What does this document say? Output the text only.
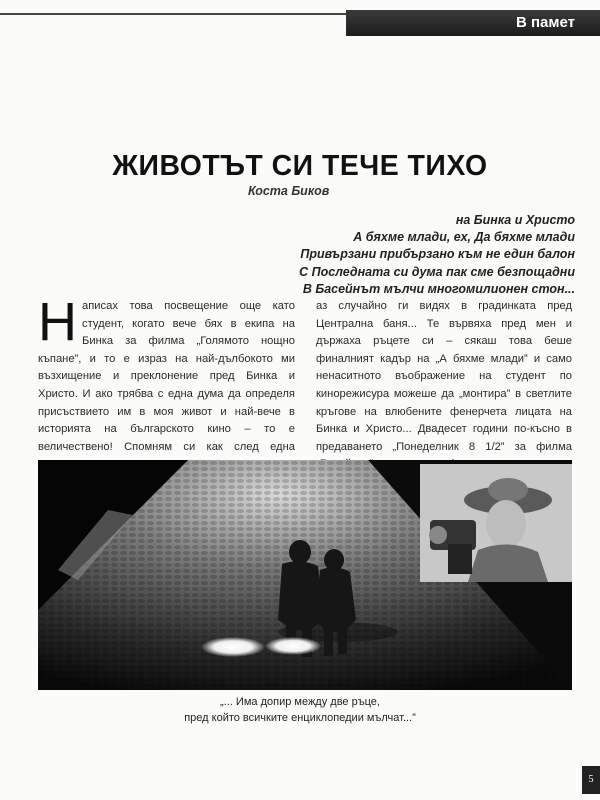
В памет
ЖИВОТЪТ СИ ТЕЧЕ ТИХО
Коста Биков
на Бинка и Христо
А бяхме млади, ех, Да бяхме млади
Привързани прибързано към не един балон
С Последната си дума пак сме безпощадни
В Басейнът мълчи многомилионен стон...
Написах това посвещение още като студент, когато вече бях в екипа на Бинка за филма „Голямото нощно къпане”, и то е израз на най-дълбокото ми възхищение и преклонение пред Бинка и Христо. И ако трябва с една дума да определя присъствието им в моя живот и най-вече в историята на българското кино – то е величествено! Спомням си как след една
аз случайно ги видях в градинката пред Централна баня... Те вървяха пред мен и държаха ръцете си – сякаш това беше финалният кадър на „А бяхме млади” и само ненаситното въображение на студент по кинорежисура можеше да „монтира” в светлите кръгове на влюбените фенерчета лицата на Бинка и Христо... Двадесет години по-късно в предаването „Понеделник 8 1/2” за филма
„... Има допир между две ръце,
пред който всичките енциклопедии мълчат...”
5
